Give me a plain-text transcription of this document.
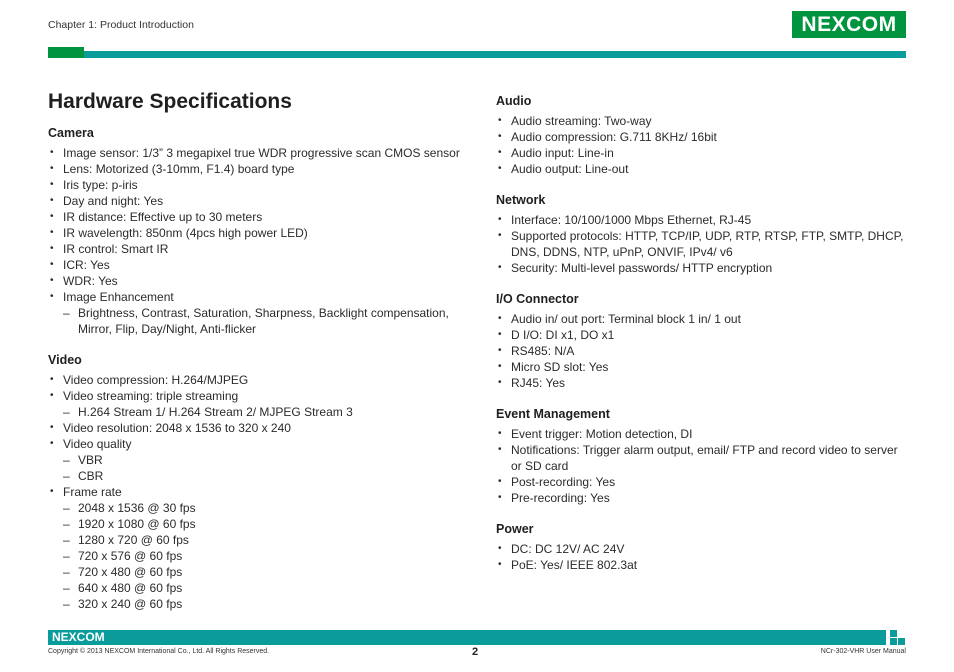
Chapter 1: Product Introduction	NEXCOM
Hardware Specifications
Camera
• Image sensor: 1/3” 3 megapixel true WDR progressive scan CMOS sensor
• Lens: Motorized (3-10mm, F1.4) board type
• Iris type: p-iris
• Day and night: Yes
• IR distance: Effective up to 30 meters
• IR wavelength: 850nm (4pcs high power LED)
• IR control: Smart IR
• ICR: Yes
• WDR: Yes
• Image Enhancement
– Brightness, Contrast, Saturation, Sharpness, Backlight compensation, Mirror, Flip, Day/Night, Anti-flicker
Video
• Video compression: H.264/MJPEG
• Video streaming: triple streaming
– H.264 Stream 1/ H.264 Stream 2/ MJPEG Stream 3
• Video resolution: 2048 x 1536 to 320 x 240
• Video quality
– VBR
– CBR
• Frame rate
– 2048 x 1536 @ 30 fps
– 1920 x 1080 @ 60 fps
– 1280 x 720 @ 60 fps
– 720 x 576 @ 60 fps
– 720 x 480 @ 60 fps
– 640 x 480 @ 60 fps
– 320 x 240 @ 60 fps
Audio
• Audio streaming: Two-way
• Audio compression: G.711 8KHz/ 16bit
• Audio input: Line-in
• Audio output: Line-out
Network
• Interface: 10/100/1000 Mbps Ethernet, RJ-45
• Supported protocols: HTTP, TCP/IP, UDP, RTP, RTSP, FTP, SMTP, DHCP, DNS, DDNS, NTP, uPnP, ONVIF, IPv4/ v6
• Security: Multi-level passwords/ HTTP encryption
I/O Connector
• Audio in/ out port: Terminal block 1 in/ 1 out
• D I/O: DI x1, DO x1
• RS485: N/A
• Micro SD slot: Yes
• RJ45: Yes
Event Management
• Event trigger: Motion detection, DI
• Notifications: Trigger alarm output, email/ FTP and record video to server or SD card
• Post-recording: Yes
• Pre-recording: Yes
Power
• DC: DC 12V/ AC 24V
• PoE: Yes/ IEEE 802.3at
NEXCOM
Copyright © 2013 NEXCOM International Co., Ltd. All Rights Reserved.	2	NCr-302-VHR User Manual
